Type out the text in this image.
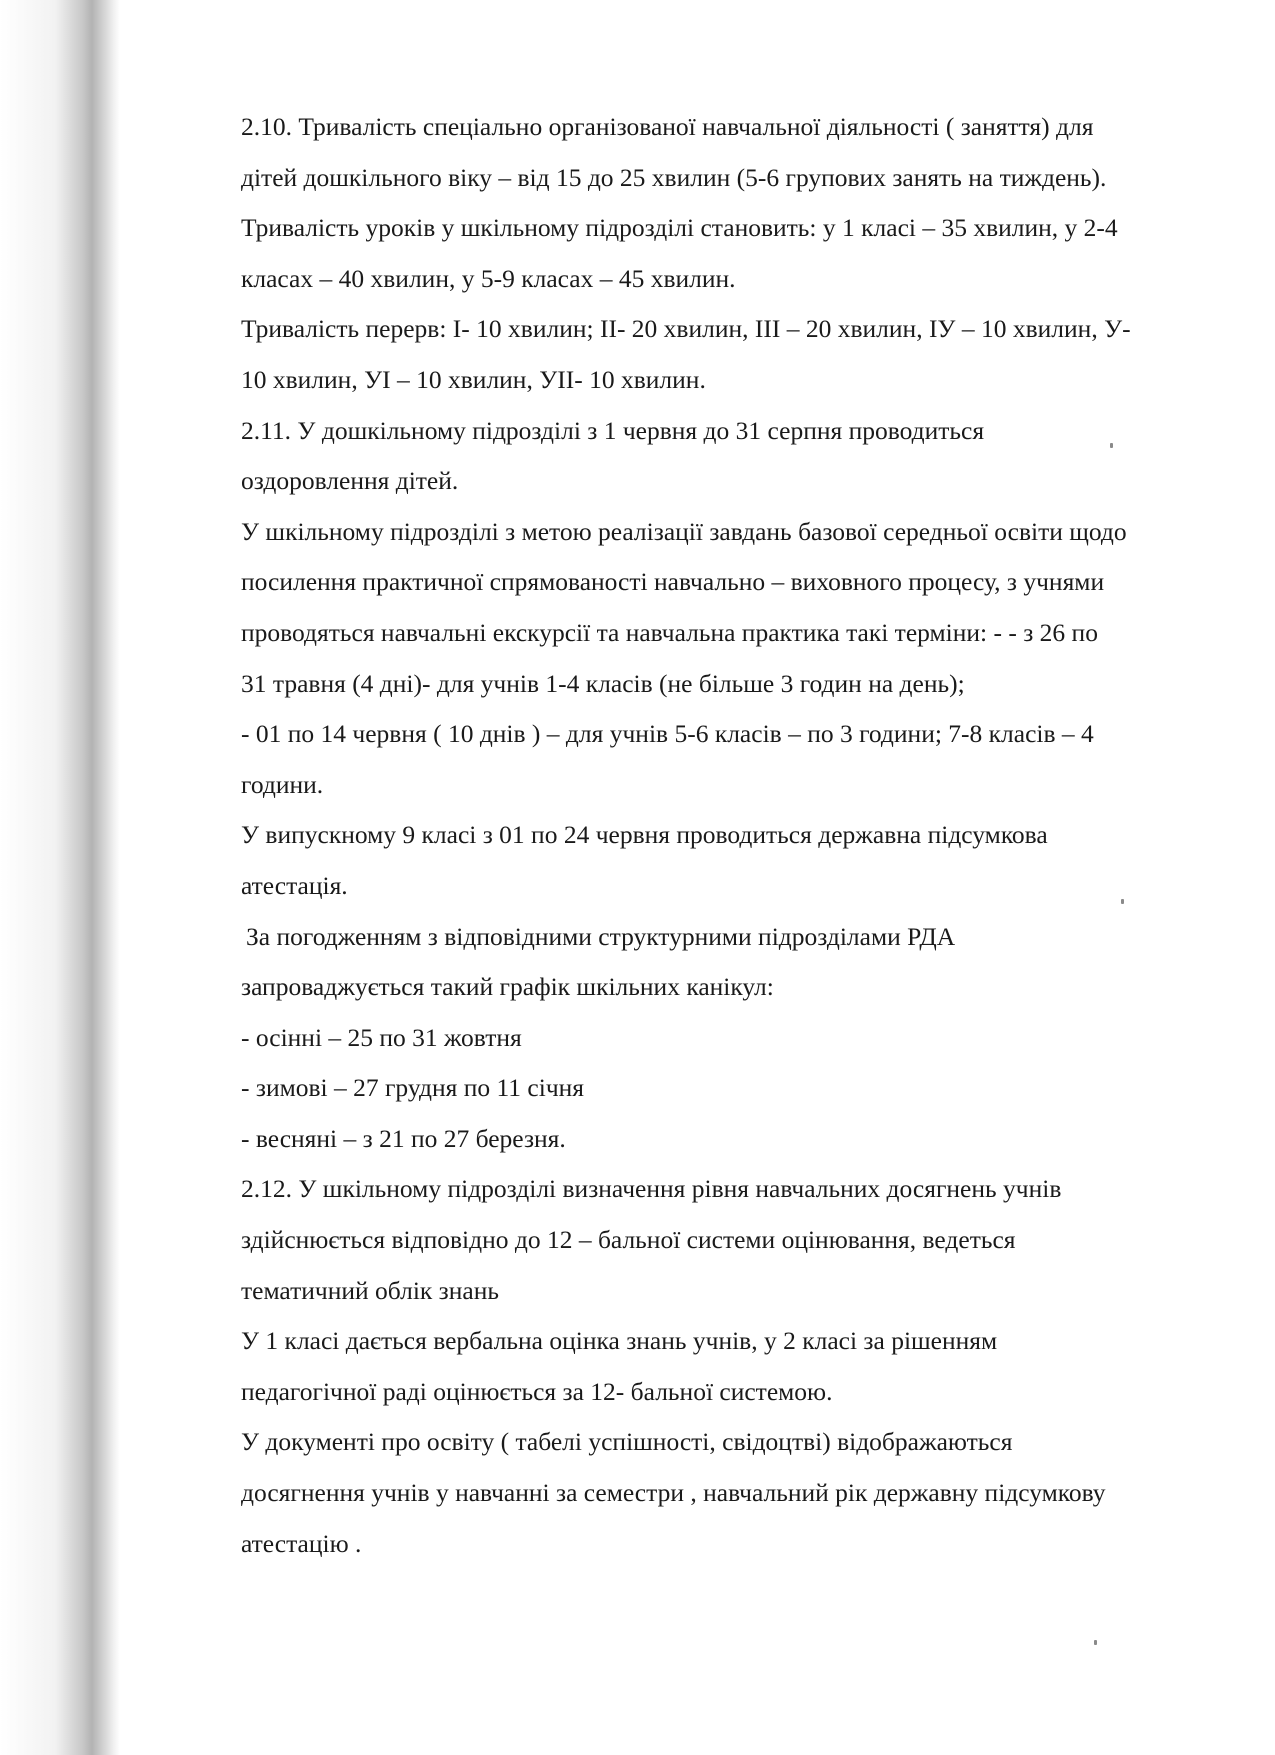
2.10. Тривалість спеціально організованої навчальної діяльності ( заняття) для
дітей дошкільного віку – від 15 до 25 хвилин (5-6 групових занять на тиждень).
Тривалість уроків у шкільному підрозділі становить: у 1 класі – 35 хвилин, у 2-4
класах – 40 хвилин, у 5-9 класах – 45 хвилин.
Тривалість перерв: І- 10 хвилин; ІІ- 20 хвилин, ІІІ – 20 хвилин, ІУ – 10 хвилин, У-
10 хвилин, УІ – 10 хвилин, УІІ- 10 хвилин.
2.11. У дошкільному підрозділі з 1 червня до 31 серпня проводиться
оздоровлення дітей.
У шкільному підрозділі з метою реалізації завдань базової середньої освіти щодо
посилення практичної спрямованості навчально – виховного процесу, з учнями
проводяться навчальні екскурсії та навчальна практика такі терміни: - - з 26 по
31 травня (4 дні)- для учнів 1-4 класів (не більше 3 годин на день);
- 01 по 14 червня ( 10 днів ) – для учнів 5-6 класів – по 3 години; 7-8 класів – 4
години.
У випускному 9 класі з 01 по 24 червня проводиться державна підсумкова
атестація.
За погодженням з відповідними структурними підрозділами РДА
запроваджується такий графік шкільних канікул:
- осінні – 25 по 31 жовтня
- зимові – 27 грудня по 11 січня
- весняні – з 21 по 27 березня.
2.12. У шкільному підрозділі визначення рівня навчальних досягнень учнів
здійснюється відповідно до 12 – бальної системи оцінювання, ведеться
тематичний облік знань
У 1 класі дається вербальна оцінка знань учнів, у 2 класі за рішенням
педагогічної раді оцінюється за 12- бальної системою.
У документі про освіту ( табелі успішності, свідоцтві) відображаються
досягнення учнів у навчанні за семестри , навчальний рік державну підсумкову
атестацію .
